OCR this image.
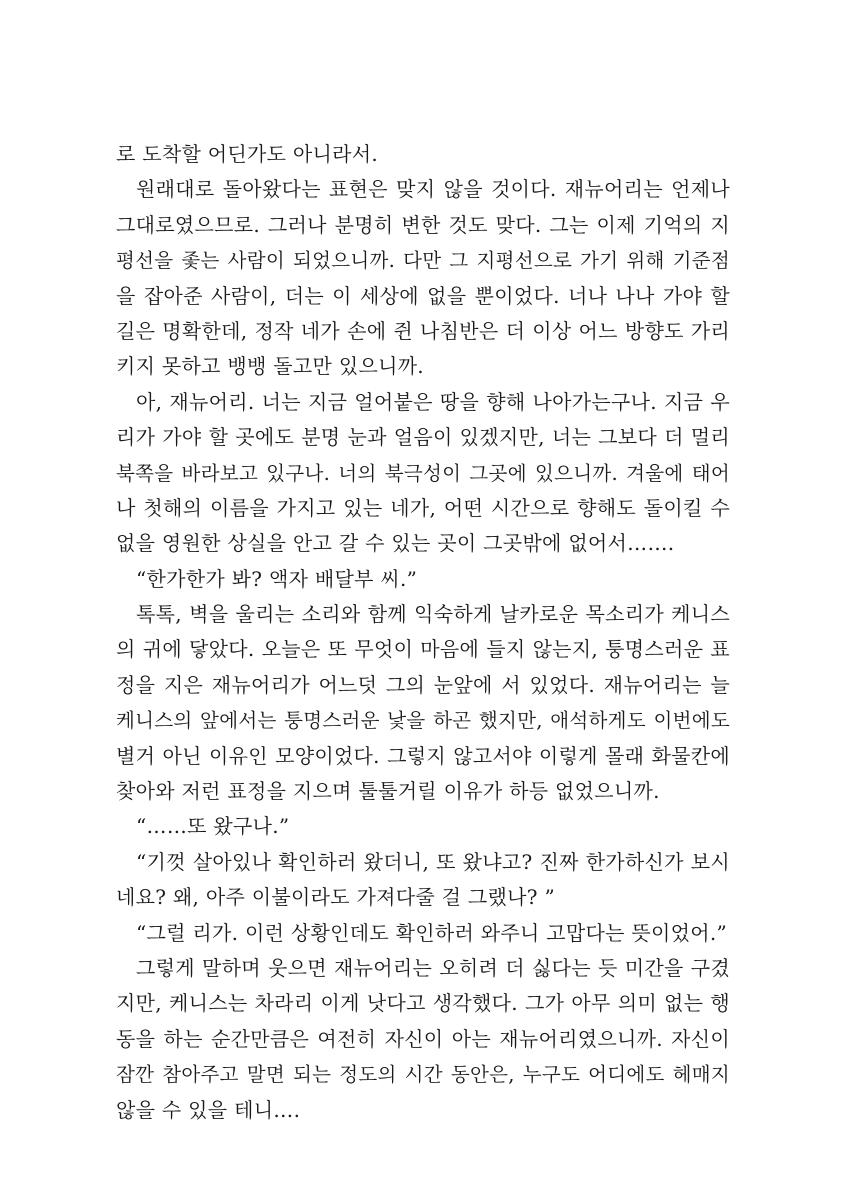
로 도착할 어딘가도 아니라서.
원래대로 돌아왔다는 표현은 맞지 않을 것이다. 재뉴어리는 언제나
그대로였으므로. 그러나 분명히 변한 것도 맞다. 그는 이제 기억의 지
평선을 좇는 사람이 되었으니까. 다만 그 지평선으로 가기 위해 기준점
을 잡아준 사람이, 더는 이 세상에 없을 뿐이었다. 너나 나나 가야 할
길은 명확한데, 정작 네가 손에 쥔 나침반은 더 이상 어느 방향도 가리
키지 못하고 뱅뱅 돌고만 있으니까.
아, 재뉴어리. 너는 지금 얼어붙은 땅을 향해 나아가는구나. 지금 우
리가 가야 할 곳에도 분명 눈과 얼음이 있겠지만, 너는 그보다 더 멀리
북쪽을 바라보고 있구나. 너의 북극성이 그곳에 있으니까. 겨울에 태어
나 첫해의 이름을 가지고 있는 네가, 어떤 시간으로 향해도 돌이킬 수
없을 영원한 상실을 안고 갈 수 있는 곳이 그곳밖에 없어서…….
“한가한가 봐? 액자 배달부 씨.”
톡톡, 벽을 울리는 소리와 함께 익숙하게 날카로운 목소리가 케니스
의 귀에 닿았다. 오늘은 또 무엇이 마음에 들지 않는지, 퉁명스러운 표
정을 지은 재뉴어리가 어느덧 그의 눈앞에 서 있었다. 재뉴어리는 늘
케니스의 앞에서는 퉁명스러운 낯을 하곤 했지만, 애석하게도 이번에도
별거 아닌 이유인 모양이었다. 그렇지 않고서야 이렇게 몰래 화물칸에
찾아와 저런 표정을 지으며 툴툴거릴 이유가 하등 없었으니까.
“……또 왔구나.”
“기껏 살아있나 확인하러 왔더니, 또 왔냐고? 진짜 한가하신가 보시
네요? 왜, 아주 이불이라도 가져다줄 걸 그랬나? ”
“그럴 리가. 이런 상황인데도 확인하러 와주니 고맙다는 뜻이었어.”
그렇게 말하며 웃으면 재뉴어리는 오히려 더 싫다는 듯 미간을 구겼
지만, 케니스는 차라리 이게 낫다고 생각했다. 그가 아무 의미 없는 행
동을 하는 순간만큼은 여전히 자신이 아는 재뉴어리였으니까. 자신이
잠깐 참아주고 말면 되는 정도의 시간 동안은, 누구도 어디에도 헤매지
않을 수 있을 테니….
